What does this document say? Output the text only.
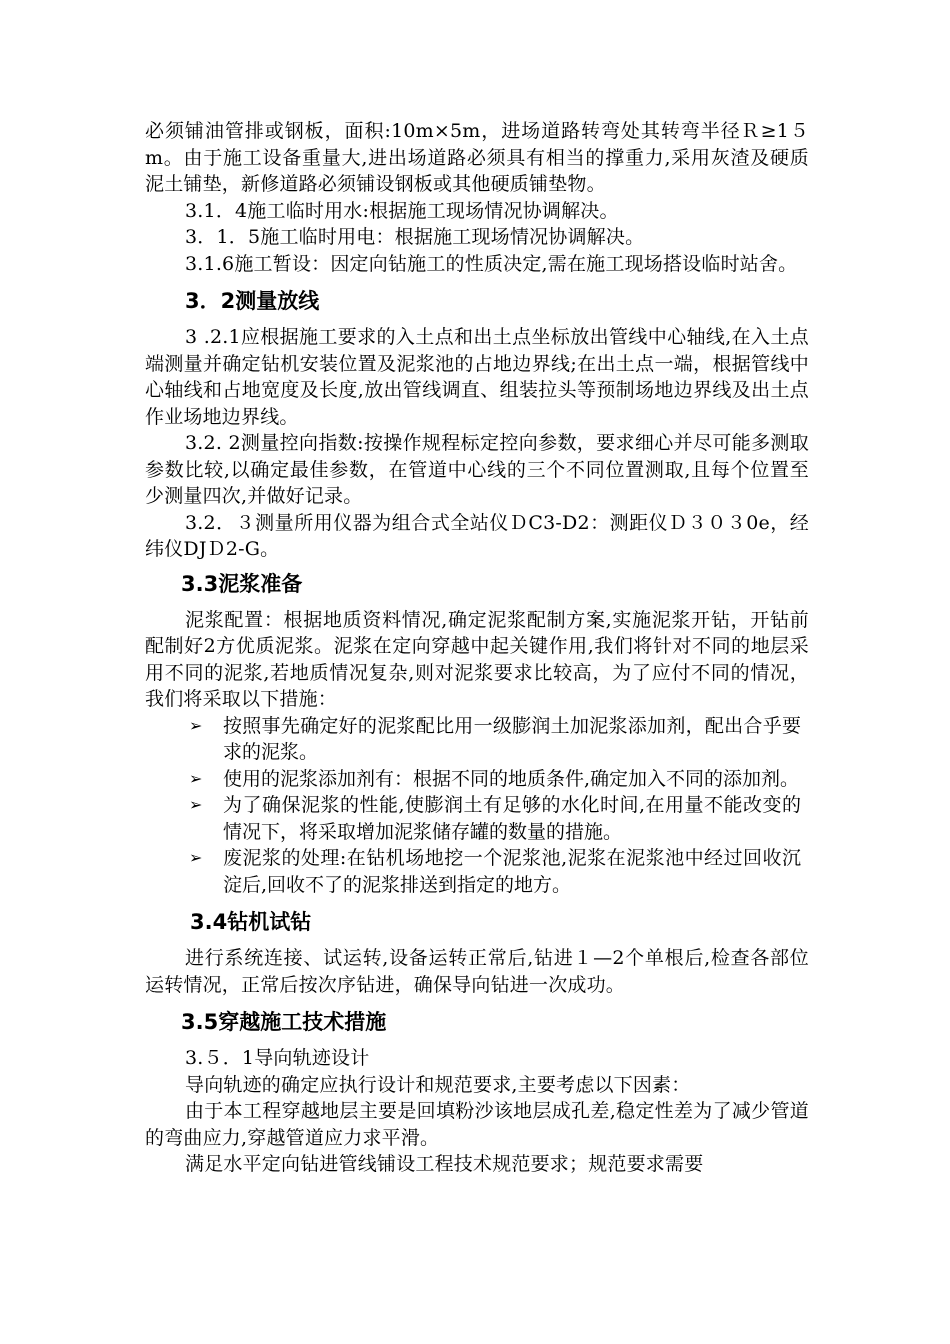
必须铺油管排或钢板，面积:10m×5m，进场道路转弯处其转弯半径Ｒ≥1５m。由于施工设备重量大,进出场道路必须具有相当的撑重力,采用灰渣及硬质泥土铺垫，新修道路必须铺设钢板或其他硬质铺垫物。

3.1．4施工临时用水:根据施工现场情况协调解决。

3．1．5施工临时用电：根据施工现场情况协调解决。

3.1.6施工暂设：因定向钻施工的性质决定,需在施工现场搭设临时站舍。

3．2测量放线

3 .2.1应根据施工要求的入土点和出土点坐标放出管线中心轴线,在入土点端测量并确定钻机安装位置及泥浆池的占地边界线;在出土点一端，根据管线中心轴线和占地宽度及长度,放出管线调直、组装拉头等预制场地边界线及出土点作业场地边界线。

3.2. 2测量控向指数:按操作规程标定控向参数，要求细心并尽可能多测取参数比较,以确定最佳参数，在管道中心线的三个不同位置测取,且每个位置至少测量四次,并做好记录。

3.2．３测量所用仪器为组合式全站仪ＤC3-D2：测距仪Ｄ３０３0e，经纬仪DJＤ2-G。

3.3泥浆准备

泥浆配置：根据地质资料情况,确定泥浆配制方案,实施泥浆开钻，开钻前配制好2方优质泥浆。泥浆在定向穿越中起关键作用,我们将针对不同的地层采用不同的泥浆,若地质情况复杂,则对泥浆要求比较高，为了应付不同的情况，我们将采取以下措施：

➢	按照事先确定好的泥浆配比用一级膨润土加泥浆添加剂，配出合乎要求的泥浆。
➢	使用的泥浆添加剂有：根据不同的地质条件,确定加入不同的添加剂。
➢	为了确保泥浆的性能,使膨润土有足够的水化时间,在用量不能改变的情况下，将采取增加泥浆储存罐的数量的措施。
➢	废泥浆的处理:在钻机场地挖一个泥浆池,泥浆在泥浆池中经过回收沉淀后,回收不了的泥浆排送到指定的地方。
3.4钻机试钻

进行系统连接、试运转,设备运转正常后,钻进１—2个单根后,检查各部位运转情况，正常后按次序钻进，确保导向钻进一次成功。

3.5穿越施工技术措施

3.５．1导向轨迹设计

导向轨迹的确定应执行设计和规范要求,主要考虑以下因素：

由于本工程穿越地层主要是回填粉沙该地层成孔差,稳定性差为了减少管道的弯曲应力,穿越管道应力求平滑。

满足水平定向钻进管线铺设工程技术规范要求；规范要求需要
